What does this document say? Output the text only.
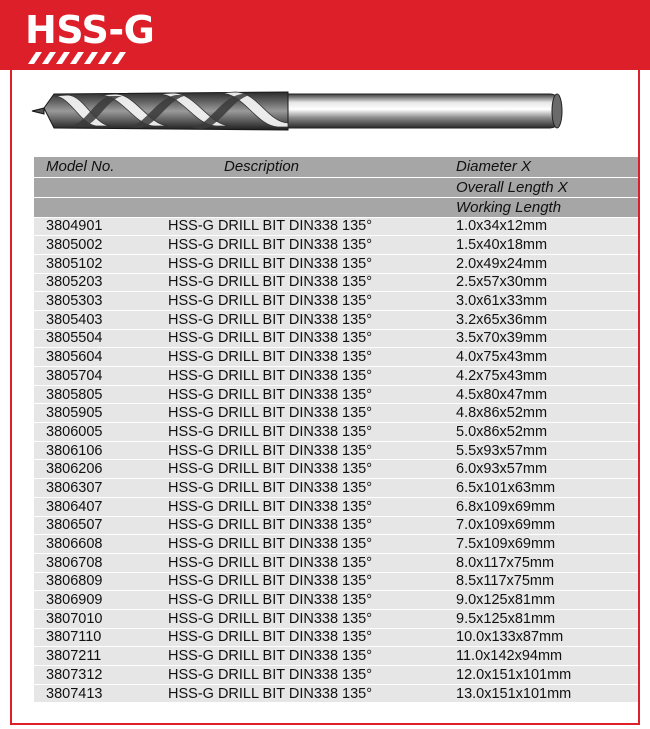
HSS-G
Model No.	Description	Diameter X
		Overall Length X
		Working Length
3804901	HSS-G DRILL BIT DIN338 135°	1.0x34x12mm
3805002	HSS-G DRILL BIT DIN338 135°	1.5x40x18mm
3805102	HSS-G DRILL BIT DIN338 135°	2.0x49x24mm
3805203	HSS-G DRILL BIT DIN338 135°	2.5x57x30mm
3805303	HSS-G DRILL BIT DIN338 135°	3.0x61x33mm
3805403	HSS-G DRILL BIT DIN338 135°	3.2x65x36mm
3805504	HSS-G DRILL BIT DIN338 135°	3.5x70x39mm
3805604	HSS-G DRILL BIT DIN338 135°	4.0x75x43mm
3805704	HSS-G DRILL BIT DIN338 135°	4.2x75x43mm
3805805	HSS-G DRILL BIT DIN338 135°	4.5x80x47mm
3805905	HSS-G DRILL BIT DIN338 135°	4.8x86x52mm
3806005	HSS-G DRILL BIT DIN338 135°	5.0x86x52mm
3806106	HSS-G DRILL BIT DIN338 135°	5.5x93x57mm
3806206	HSS-G DRILL BIT DIN338 135°	6.0x93x57mm
3806307	HSS-G DRILL BIT DIN338 135°	6.5x101x63mm
3806407	HSS-G DRILL BIT DIN338 135°	6.8x109x69mm
3806507	HSS-G DRILL BIT DIN338 135°	7.0x109x69mm
3806608	HSS-G DRILL BIT DIN338 135°	7.5x109x69mm
3806708	HSS-G DRILL BIT DIN338 135°	8.0x117x75mm
3806809	HSS-G DRILL BIT DIN338 135°	8.5x117x75mm
3806909	HSS-G DRILL BIT DIN338 135°	9.0x125x81mm
3807010	HSS-G DRILL BIT DIN338 135°	9.5x125x81mm
3807110	HSS-G DRILL BIT DIN338 135°	10.0x133x87mm
3807211	HSS-G DRILL BIT DIN338 135°	11.0x142x94mm
3807312	HSS-G DRILL BIT DIN338 135°	12.0x151x101mm
3807413	HSS-G DRILL BIT DIN338 135°	13.0x151x101mm
